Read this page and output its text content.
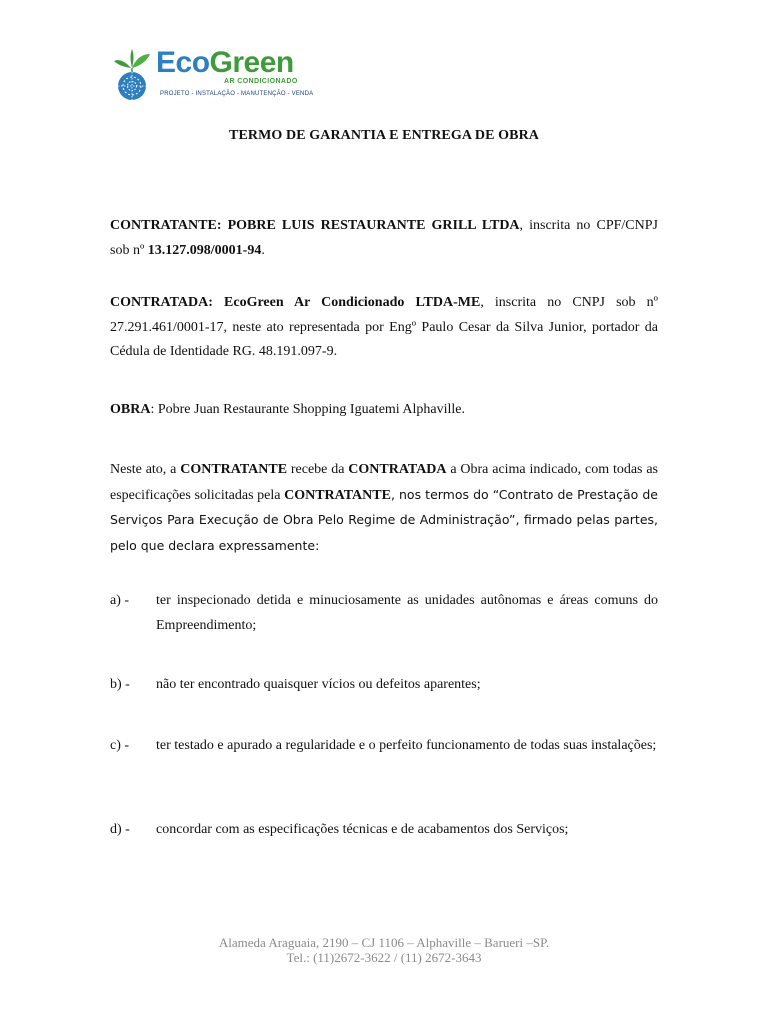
EcoGreen
AR CONDICIONADO
PROJETO - INSTALAÇÃO - MANUTENÇÃO - VENDA
TERMO DE GARANTIA E ENTREGA DE OBRA
CONTRATANTE: POBRE LUIS RESTAURANTE GRILL LTDA, inscrita no CPF/CNPJ sob nº 13.127.098/0001-94.
CONTRATADA: EcoGreen Ar Condicionado LTDA-ME, inscrita no CNPJ sob nº 27.291.461/0001-17, neste ato representada por Engº Paulo Cesar da Silva Junior, portador da Cédula de Identidade RG. 48.191.097-9.
OBRA: Pobre Juan Restaurante Shopping Iguatemi Alphaville.
Neste ato, a CONTRATANTE recebe da CONTRATADA a Obra acima indicado, com todas as especificações solicitadas pela CONTRATANTE, nos termos do “Contrato de Prestação de Serviços Para Execução de Obra Pelo Regime de Administração”, firmado pelas partes, pelo que declara expressamente:
a) -	ter inspecionado detida e minuciosamente as unidades autônomas e áreas comuns do Empreendimento;
b) -	não ter encontrado quaisquer vícios ou defeitos aparentes;
c) -	ter testado e apurado a regularidade e o perfeito funcionamento de todas suas instalações;
d) -	concordar com as especificações técnicas e de acabamentos dos Serviços;
Alameda Araguaia, 2190 – CJ 1106 – Alphaville – Barueri –SP.
Tel.: (11)2672-3622 / (11) 2672-3643
